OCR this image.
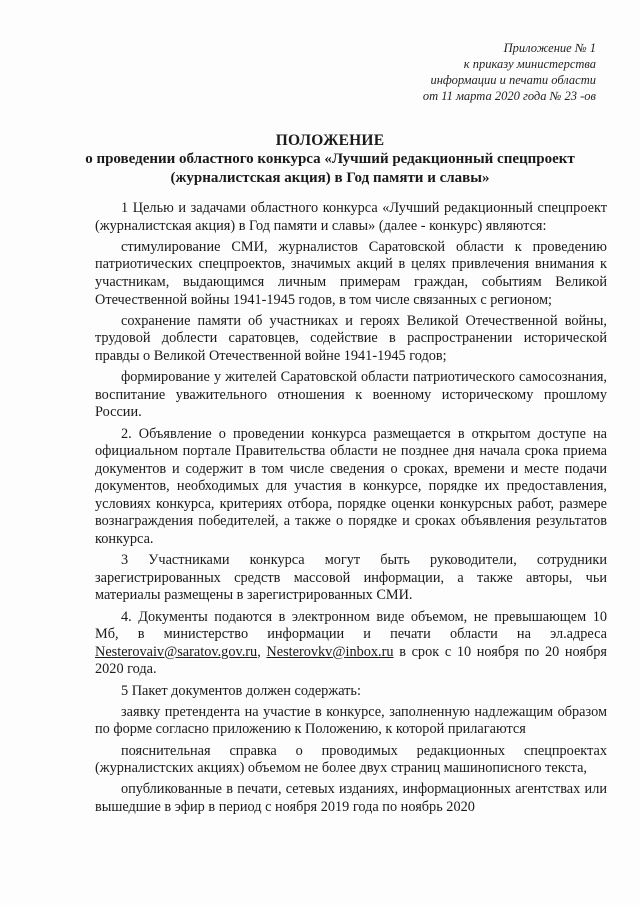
Приложение № 1
к приказу министерства
информации и печати области
от 11 марта 2020 года № 23 -ов
ПОЛОЖЕНИЕ
о проведении областного конкурса «Лучший редакционный спецпроект
(журналистская акция) в Год памяти и славы»

1 Целью и задачами областного конкурса «Лучший редакционный спецпроект (журналистская акция) в Год памяти и славы» (далее - конкурс) являются:

стимулирование СМИ, журналистов Саратовской области к проведению патриотических спецпроектов, значимых акций в целях привлечения внимания к участникам, выдающимся личным примерам граждан, событиям Великой Отечественной войны 1941-1945 годов, в том числе связанных с регионом;

сохранение памяти об участниках и героях Великой Отечественной войны, трудовой доблести саратовцев, содействие в распространении исторической правды о Великой Отечественной войне 1941-1945 годов;

формирование у жителей Саратовской области патриотического самосознания, воспитание уважительного отношения к военному историческому прошлому России.

2. Объявление о проведении конкурса размещается в открытом доступе на официальном портале Правительства области не позднее дня начала срока приема документов и содержит в том числе сведения о сроках, времени и месте подачи документов, необходимых для участия в конкурсе, порядке их предоставления, условиях конкурса, критериях отбора, порядке оценки конкурсных работ, размере вознаграждения победителей, а также о порядке и сроках объявления результатов конкурса.

3 Участниками конкурса могут быть руководители, сотрудники зарегистрированных средств массовой информации, а также авторы, чьи материалы размещены в зарегистрированных СМИ.

4. Документы подаются в электронном виде объемом, не превышающем 10 Мб, в министерство информации и печати области на эл.адреса Nesterovaiv@saratov.gov.ru, Nesterovkv@inbox.ru в срок с 10 ноября по 20 ноября 2020 года.

5 Пакет документов должен содержать:

заявку претендента на участие в конкурсе, заполненную надлежащим образом по форме согласно приложению к Положению, к которой прилагаются

пояснительная справка о проводимых редакционных спецпроектах (журналистских акциях) объемом не более двух страниц машинописного текста,

опубликованные в печати, сетевых изданиях, информационных агентствах или вышедшие в эфир в период с ноября 2019 года по ноябрь 2020
